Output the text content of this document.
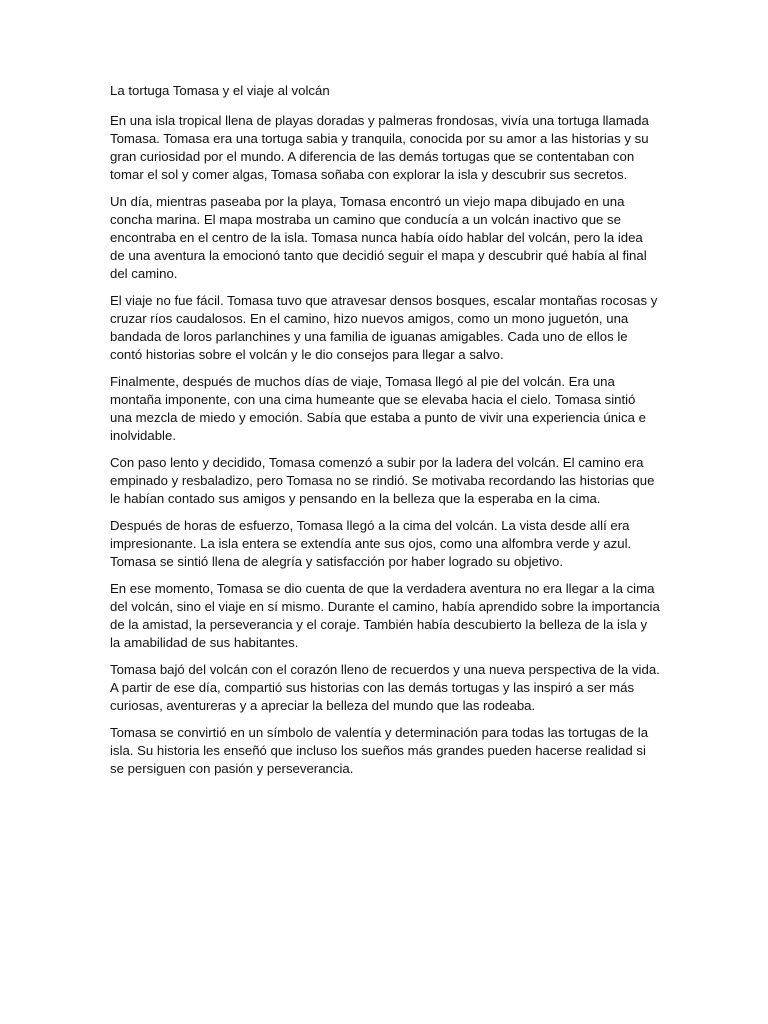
La tortuga Tomasa y el viaje al volcán

En una isla tropical llena de playas doradas y palmeras frondosas, vivía una tortuga llamada Tomasa. Tomasa era una tortuga sabia y tranquila, conocida por su amor a las historias y su gran curiosidad por el mundo. A diferencia de las demás tortugas que se contentaban con tomar el sol y comer algas, Tomasa soñaba con explorar la isla y descubrir sus secretos.

Un día, mientras paseaba por la playa, Tomasa encontró un viejo mapa dibujado en una concha marina. El mapa mostraba un camino que conducía a un volcán inactivo que se encontraba en el centro de la isla. Tomasa nunca había oído hablar del volcán, pero la idea de una aventura la emocionó tanto que decidió seguir el mapa y descubrir qué había al final del camino.

El viaje no fue fácil. Tomasa tuvo que atravesar densos bosques, escalar montañas rocosas y cruzar ríos caudalosos. En el camino, hizo nuevos amigos, como un mono juguetón, una bandada de loros parlanchines y una familia de iguanas amigables. Cada uno de ellos le contó historias sobre el volcán y le dio consejos para llegar a salvo.

Finalmente, después de muchos días de viaje, Tomasa llegó al pie del volcán. Era una montaña imponente, con una cima humeante que se elevaba hacia el cielo. Tomasa sintió una mezcla de miedo y emoción. Sabía que estaba a punto de vivir una experiencia única e inolvidable.

Con paso lento y decidido, Tomasa comenzó a subir por la ladera del volcán. El camino era empinado y resbaladizo, pero Tomasa no se rindió. Se motivaba recordando las historias que le habían contado sus amigos y pensando en la belleza que la esperaba en la cima.

Después de horas de esfuerzo, Tomasa llegó a la cima del volcán. La vista desde allí era impresionante. La isla entera se extendía ante sus ojos, como una alfombra verde y azul. Tomasa se sintió llena de alegría y satisfacción por haber logrado su objetivo.

En ese momento, Tomasa se dio cuenta de que la verdadera aventura no era llegar a la cima del volcán, sino el viaje en sí mismo. Durante el camino, había aprendido sobre la importancia de la amistad, la perseverancia y el coraje. También había descubierto la belleza de la isla y la amabilidad de sus habitantes.

Tomasa bajó del volcán con el corazón lleno de recuerdos y una nueva perspectiva de la vida. A partir de ese día, compartió sus historias con las demás tortugas y las inspiró a ser más curiosas, aventureras y a apreciar la belleza del mundo que las rodeaba.

Tomasa se convirtió en un símbolo de valentía y determinación para todas las tortugas de la isla. Su historia les enseñó que incluso los sueños más grandes pueden hacerse realidad si se persiguen con pasión y perseverancia.
